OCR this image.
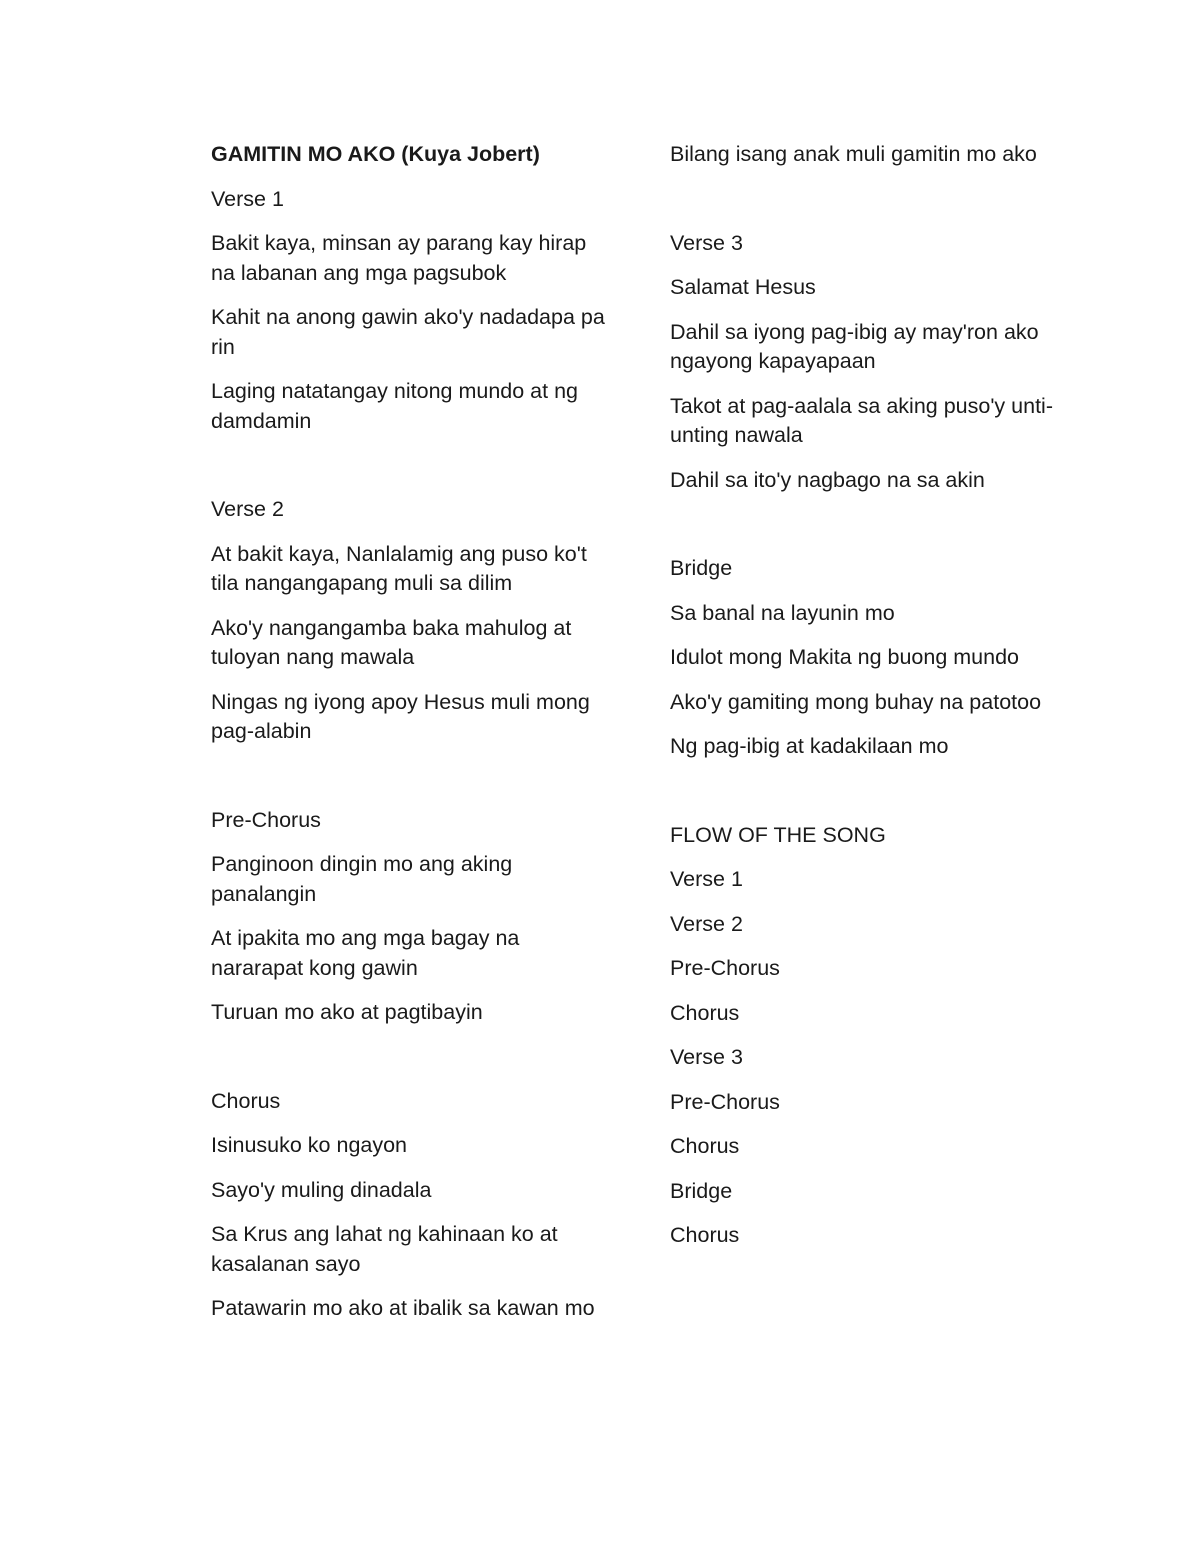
GAMITIN MO AKO (Kuya Jobert)
Verse 1
Bakit kaya, minsan ay parang kay hirap na labanan ang mga pagsubok
Kahit na anong gawin ako'y nadadapa pa rin
Laging natatangay nitong mundo at ng damdamin
Verse 2
At bakit kaya, Nanlalamig ang puso ko't tila nangangapang muli sa dilim
Ako'y nangangamba baka mahulog at tuloyan nang mawala
Ningas ng iyong apoy Hesus muli mong pag-alabin
Pre-Chorus
Panginoon dingin mo ang aking panalangin
At ipakita mo ang mga bagay na nararapat kong gawin
Turuan mo ako at pagtibayin
Chorus
Isinusuko ko ngayon
Sayo'y muling dinadala
Sa Krus ang lahat ng kahinaan ko at kasalanan sayo
Patawarin mo ako at ibalik sa kawan mo
Bilang isang anak muli gamitin mo ako
Verse 3
Salamat Hesus
Dahil sa iyong pag-ibig ay may'ron ako ngayong kapayapaan
Takot at pag-aalala sa aking puso'y unti-unting nawala
Dahil sa ito'y nagbago na sa akin
Bridge
Sa banal na layunin mo
Idulot mong Makita ng buong mundo
Ako'y gamiting mong buhay na patotoo
Ng pag-ibig at kadakilaan mo
FLOW OF THE SONG
Verse 1
Verse 2
Pre-Chorus
Chorus
Verse 3
Pre-Chorus
Chorus
Bridge
Chorus
